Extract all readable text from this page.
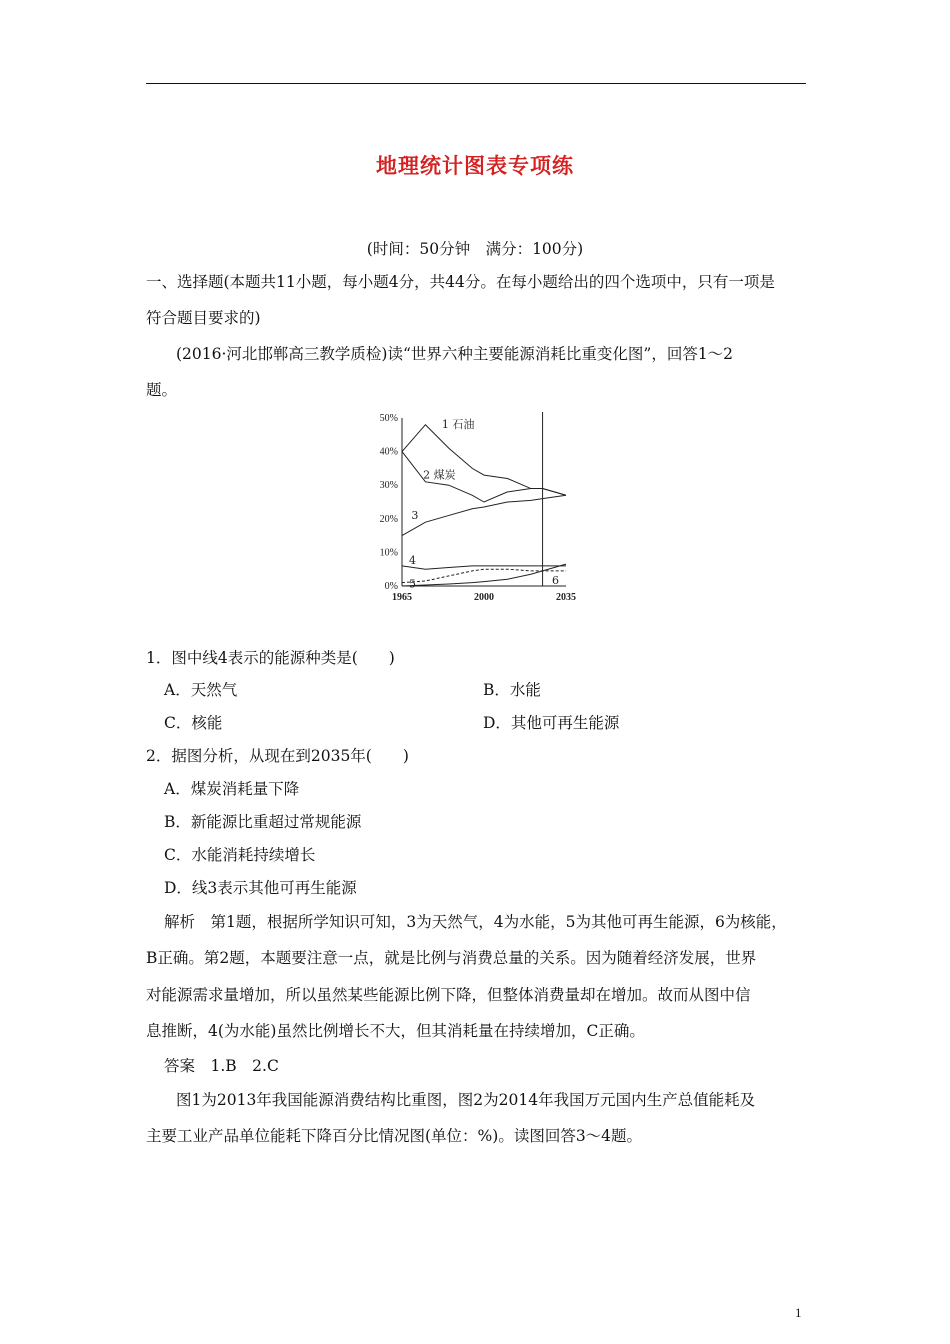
地理统计图表专项练
(时间：50分钟　满分：100分)
一、选择题(本题共11小题，每小题4分，共44分。在每小题给出的四个选项中，只有一项是
符合题目要求的)
(2016·河北邯郸高三教学质检)读“世界六种主要能源消耗比重变化图”，回答1～2
题。
50%
40%
30%
20%
10%
0%
1965	2000	2035
1 石油
2 煤炭
3
4
5	6
1．图中线4表示的能源种类是(　　)
A．天然气	B．水能
C．核能	D．其他可再生能源
2．据图分析，从现在到2035年(　　)
A．煤炭消耗量下降
B．新能源比重超过常规能源
C．水能消耗持续增长
D．线3表示其他可再生能源
解析　第1题，根据所学知识可知，3为天然气，4为水能，5为其他可再生能源，6为核能，
B正确。第2题，本题要注意一点，就是比例与消费总量的关系。因为随着经济发展，世界
对能源需求量增加，所以虽然某些能源比例下降，但整体消费量却在增加。故而从图中信
息推断，4(为水能)虽然比例增长不大，但其消耗量在持续增加，C正确。
答案　1.B　2.C
图1为2013年我国能源消费结构比重图，图2为2014年我国万元国内生产总值能耗及
主要工业产品单位能耗下降百分比情况图(单位：%)。读图回答3～4题。
1
